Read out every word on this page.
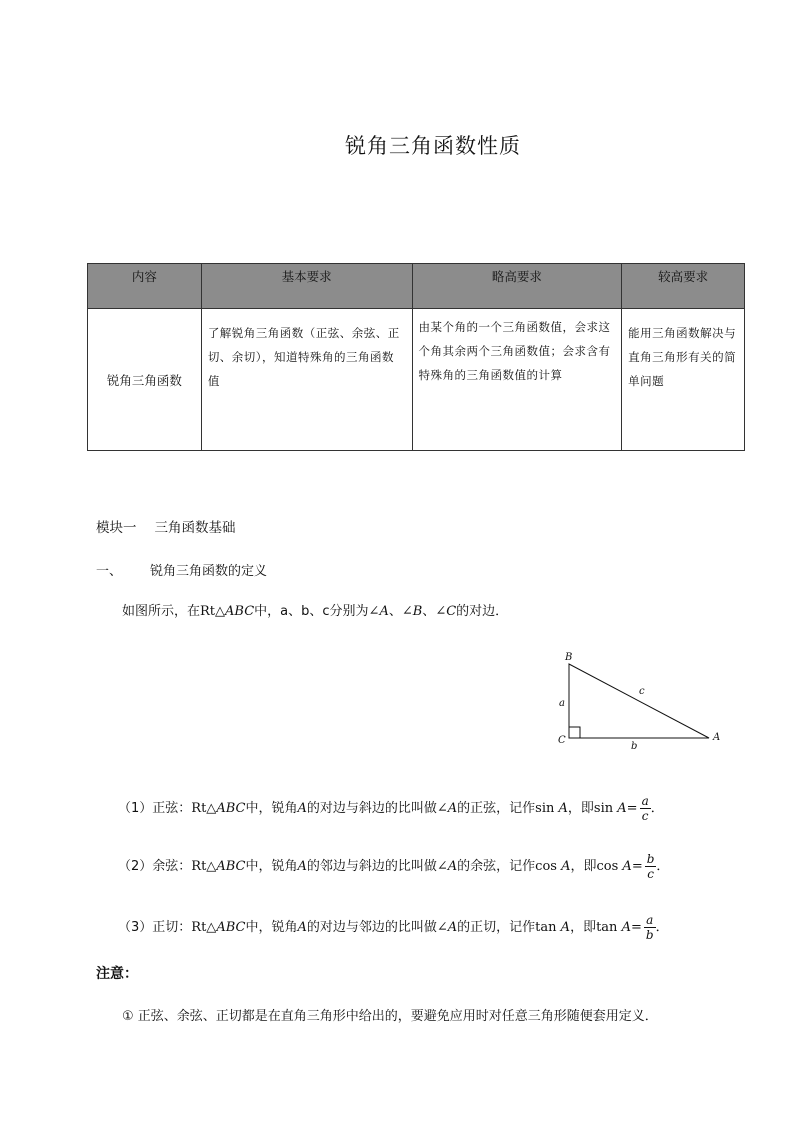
锐角三角函数性质
内容	基本要求	略高要求	较高要求
锐角三角函数	了解锐角三角函数（正弦、余弦、正切、余切），知道特殊角的三角函数值	由某个角的一个三角函数值，会求这个角其余两个三角函数值；会求含有特殊角的三角函数值的计算	能用三角函数解决与直角三角形有关的简单问题
模块一 三角函数基础
一、 锐角三角函数的定义
如图所示，在Rt△ABC中，a、b、c分别为∠A、∠B、∠C的对边．
B
C	A
a
b
c
（1）正弦：Rt△ABC中，锐角A的对边与斜边的比叫做∠A的正弦，记作sin A，即$\sin A= \frac{a}{c}$ ．
（2）余弦：Rt△ABC中，锐角A的邻边与斜边的比叫做∠A的余弦，记作cos A，即$\cos A= \frac{b}{c}$ ．
（3）正切：Rt△ABC中，锐角A的对边与邻边的比叫做∠A的正切，记作tan A，即$\tan A= \frac{a}{b}$ ．
注意：
① 正弦、余弦、正切都是在直角三角形中给出的，要避免应用时对任意三角形随便套用定义．
